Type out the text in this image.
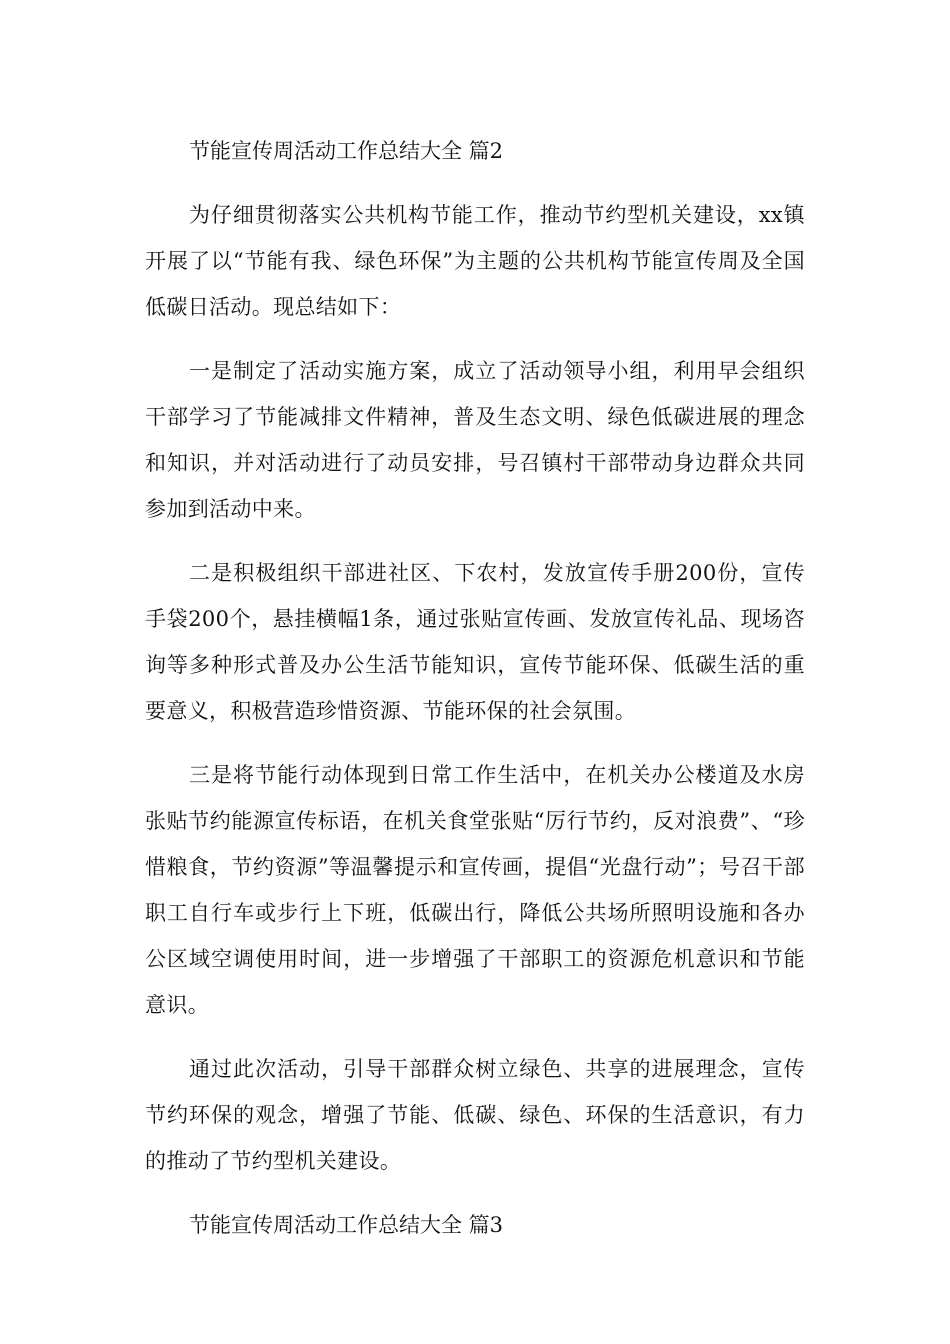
节能宣传周活动工作总结大全 篇2

为仔细贯彻落实公共机构节能工作，推动节约型机关建设，xx镇开展了以“节能有我、绿色环保”为主题的公共机构节能宣传周及全国低碳日活动。现总结如下：

一是制定了活动实施方案，成立了活动领导小组，利用早会组织干部学习了节能减排文件精神，普及生态文明、绿色低碳进展的理念和知识，并对活动进行了动员安排，号召镇村干部带动身边群众共同参加到活动中来。

二是积极组织干部进社区、下农村，发放宣传手册200份，宣传手袋200个，悬挂横幅1条，通过张贴宣传画、发放宣传礼品、现场咨询等多种形式普及办公生活节能知识，宣传节能环保、低碳生活的重要意义，积极营造珍惜资源、节能环保的社会氛围。

三是将节能行动体现到日常工作生活中，在机关办公楼道及水房张贴节约能源宣传标语，在机关食堂张贴“厉行节约，反对浪费”、“珍惜粮食，节约资源”等温馨提示和宣传画，提倡“光盘行动”；号召干部职工自行车或步行上下班，低碳出行，降低公共场所照明设施和各办公区域空调使用时间，进一步增强了干部职工的资源危机意识和节能意识。

通过此次活动，引导干部群众树立绿色、共享的进展理念，宣传节约环保的观念，增强了节能、低碳、绿色、环保的生活意识，有力的推动了节约型机关建设。

节能宣传周活动工作总结大全 篇3
